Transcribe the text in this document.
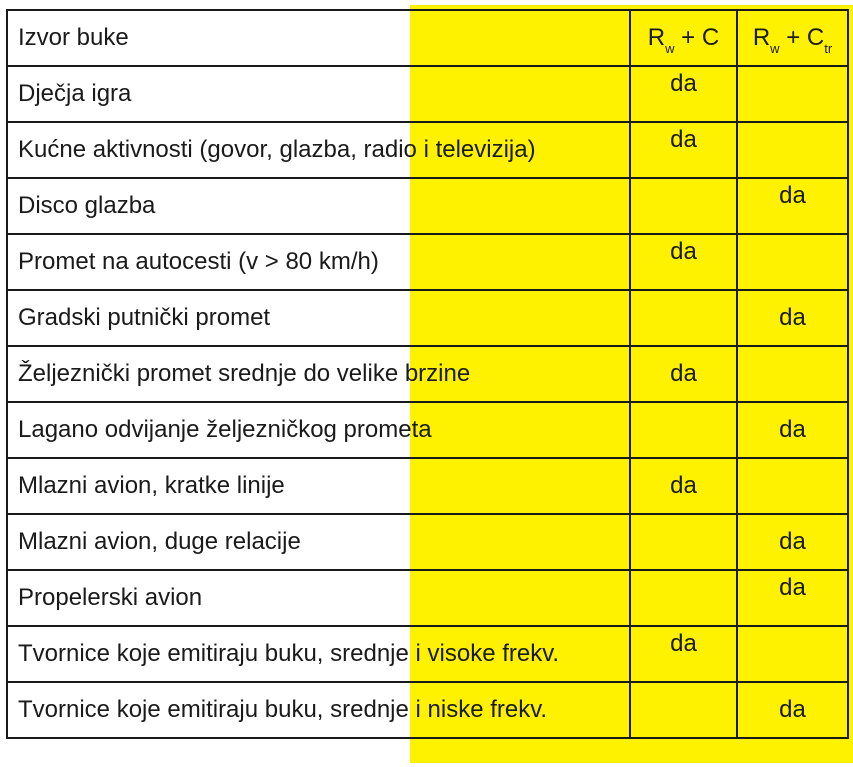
Izvor buke	$R_w + C$	$R_w + C_{tr}$
Dječja igra	da	
Kućne aktivnosti (govor, glazba, radio i televizija)	da	
Disco glazba		da
Promet na autocesti (v > 80 km/h)	da	
Gradski putnički promet		da
Željeznički promet srednje do velike brzine	da	
Lagano odvijanje željezničkog prometa		da
Mlazni avion, kratke linije	da	
Mlazni avion, duge relacije		da
Propelerski avion		da
Tvornice koje emitiraju buku, srednje i visoke frekv.	da	
Tvornice koje emitiraju buku, srednje i niske frekv.		da
